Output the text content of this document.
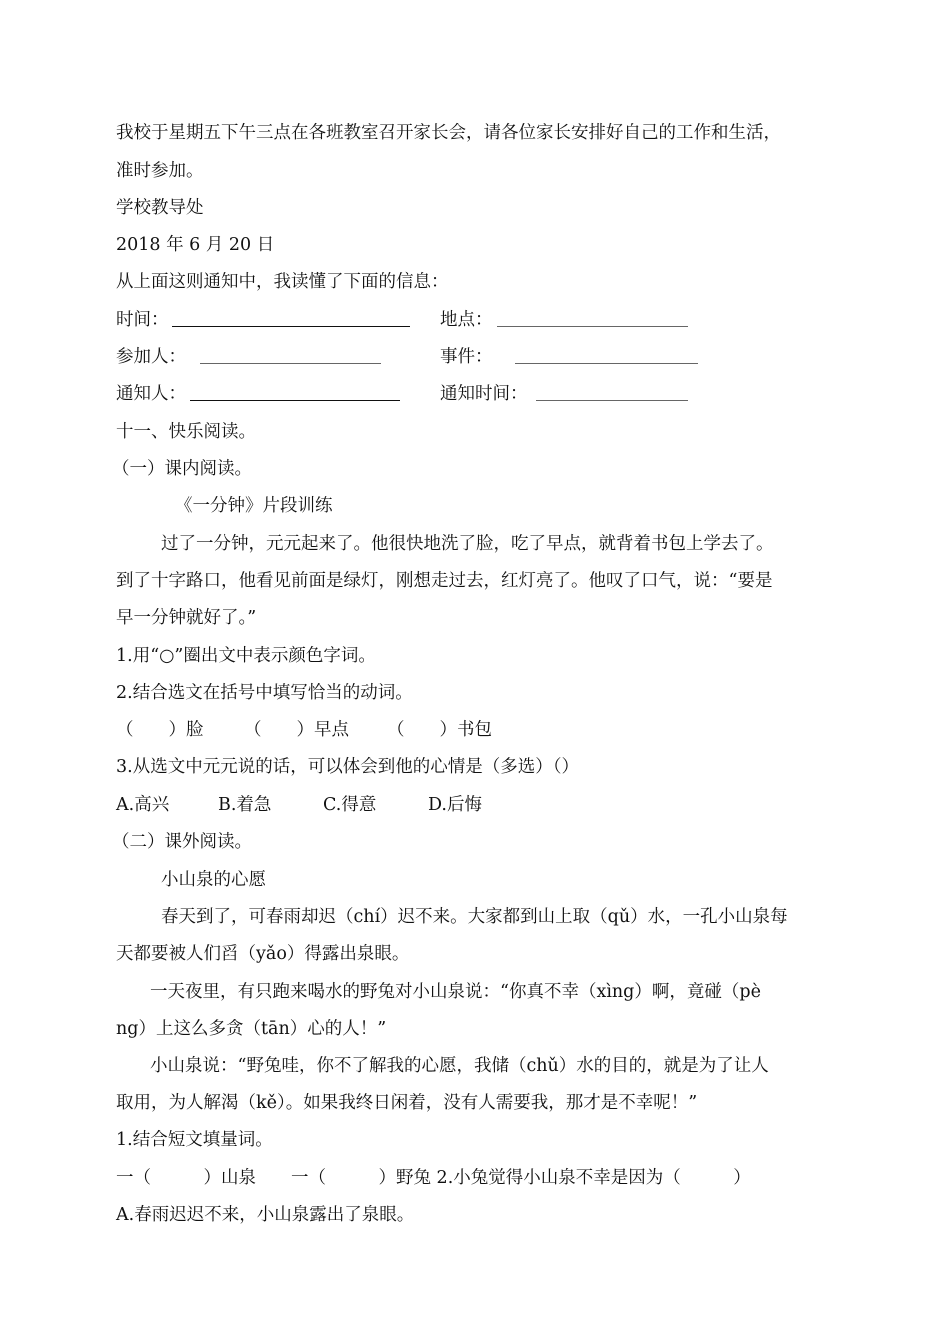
我校于星期五下午三点在各班教室召开家长会，请各位家长安排好自己的工作和生活，
准时参加。
学校教导处
2018 年 6 月 20 日
从上面这则通知中，我读懂了下面的信息：
时间：	地点：
参加人：	事件：
通知人：	通知时间：
十一、快乐阅读。
（一）课内阅读。
《一分钟》片段训练
过了一分钟，元元起来了。他很快地洗了脸，吃了早点，就背着书包上学去了。
到了十字路口，他看见前面是绿灯，刚想走过去，红灯亮了。他叹了口气，说：“要是
早一分钟就好了。”
1.用“○”圈出文中表示颜色字词。
2.结合选文在括号中填写恰当的动词。
（　　）脸 （　　）早点 （　　）书包
3.从选文中元元说的话，可以体会到他的心情是（多选）（）
A.高兴	B.着急	C.得意	D.后悔
（二）课外阅读。
小山泉的心愿
春天到了，可春雨却迟（chí）迟不来。大家都到山上取（qǔ）水，一孔小山泉每
天都要被人们舀（yǎo）得露出泉眼。
一天夜里，有只跑来喝水的野兔对小山泉说：“你真不幸（xìng）啊，竟碰（pè
ng）上这么多贪（tān）心的人！”
小山泉说：“野兔哇，你不了解我的心愿，我储（chǔ）水的目的，就是为了让人
取用，为人解渴（kě）。如果我终日闲着，没有人需要我，那才是不幸呢！”
1.结合短文填量词。
一（　　　）山泉　　一（　　　）野兔 2.小兔觉得小山泉不幸是因为（　　　）
A.春雨迟迟不来，小山泉露出了泉眼。
